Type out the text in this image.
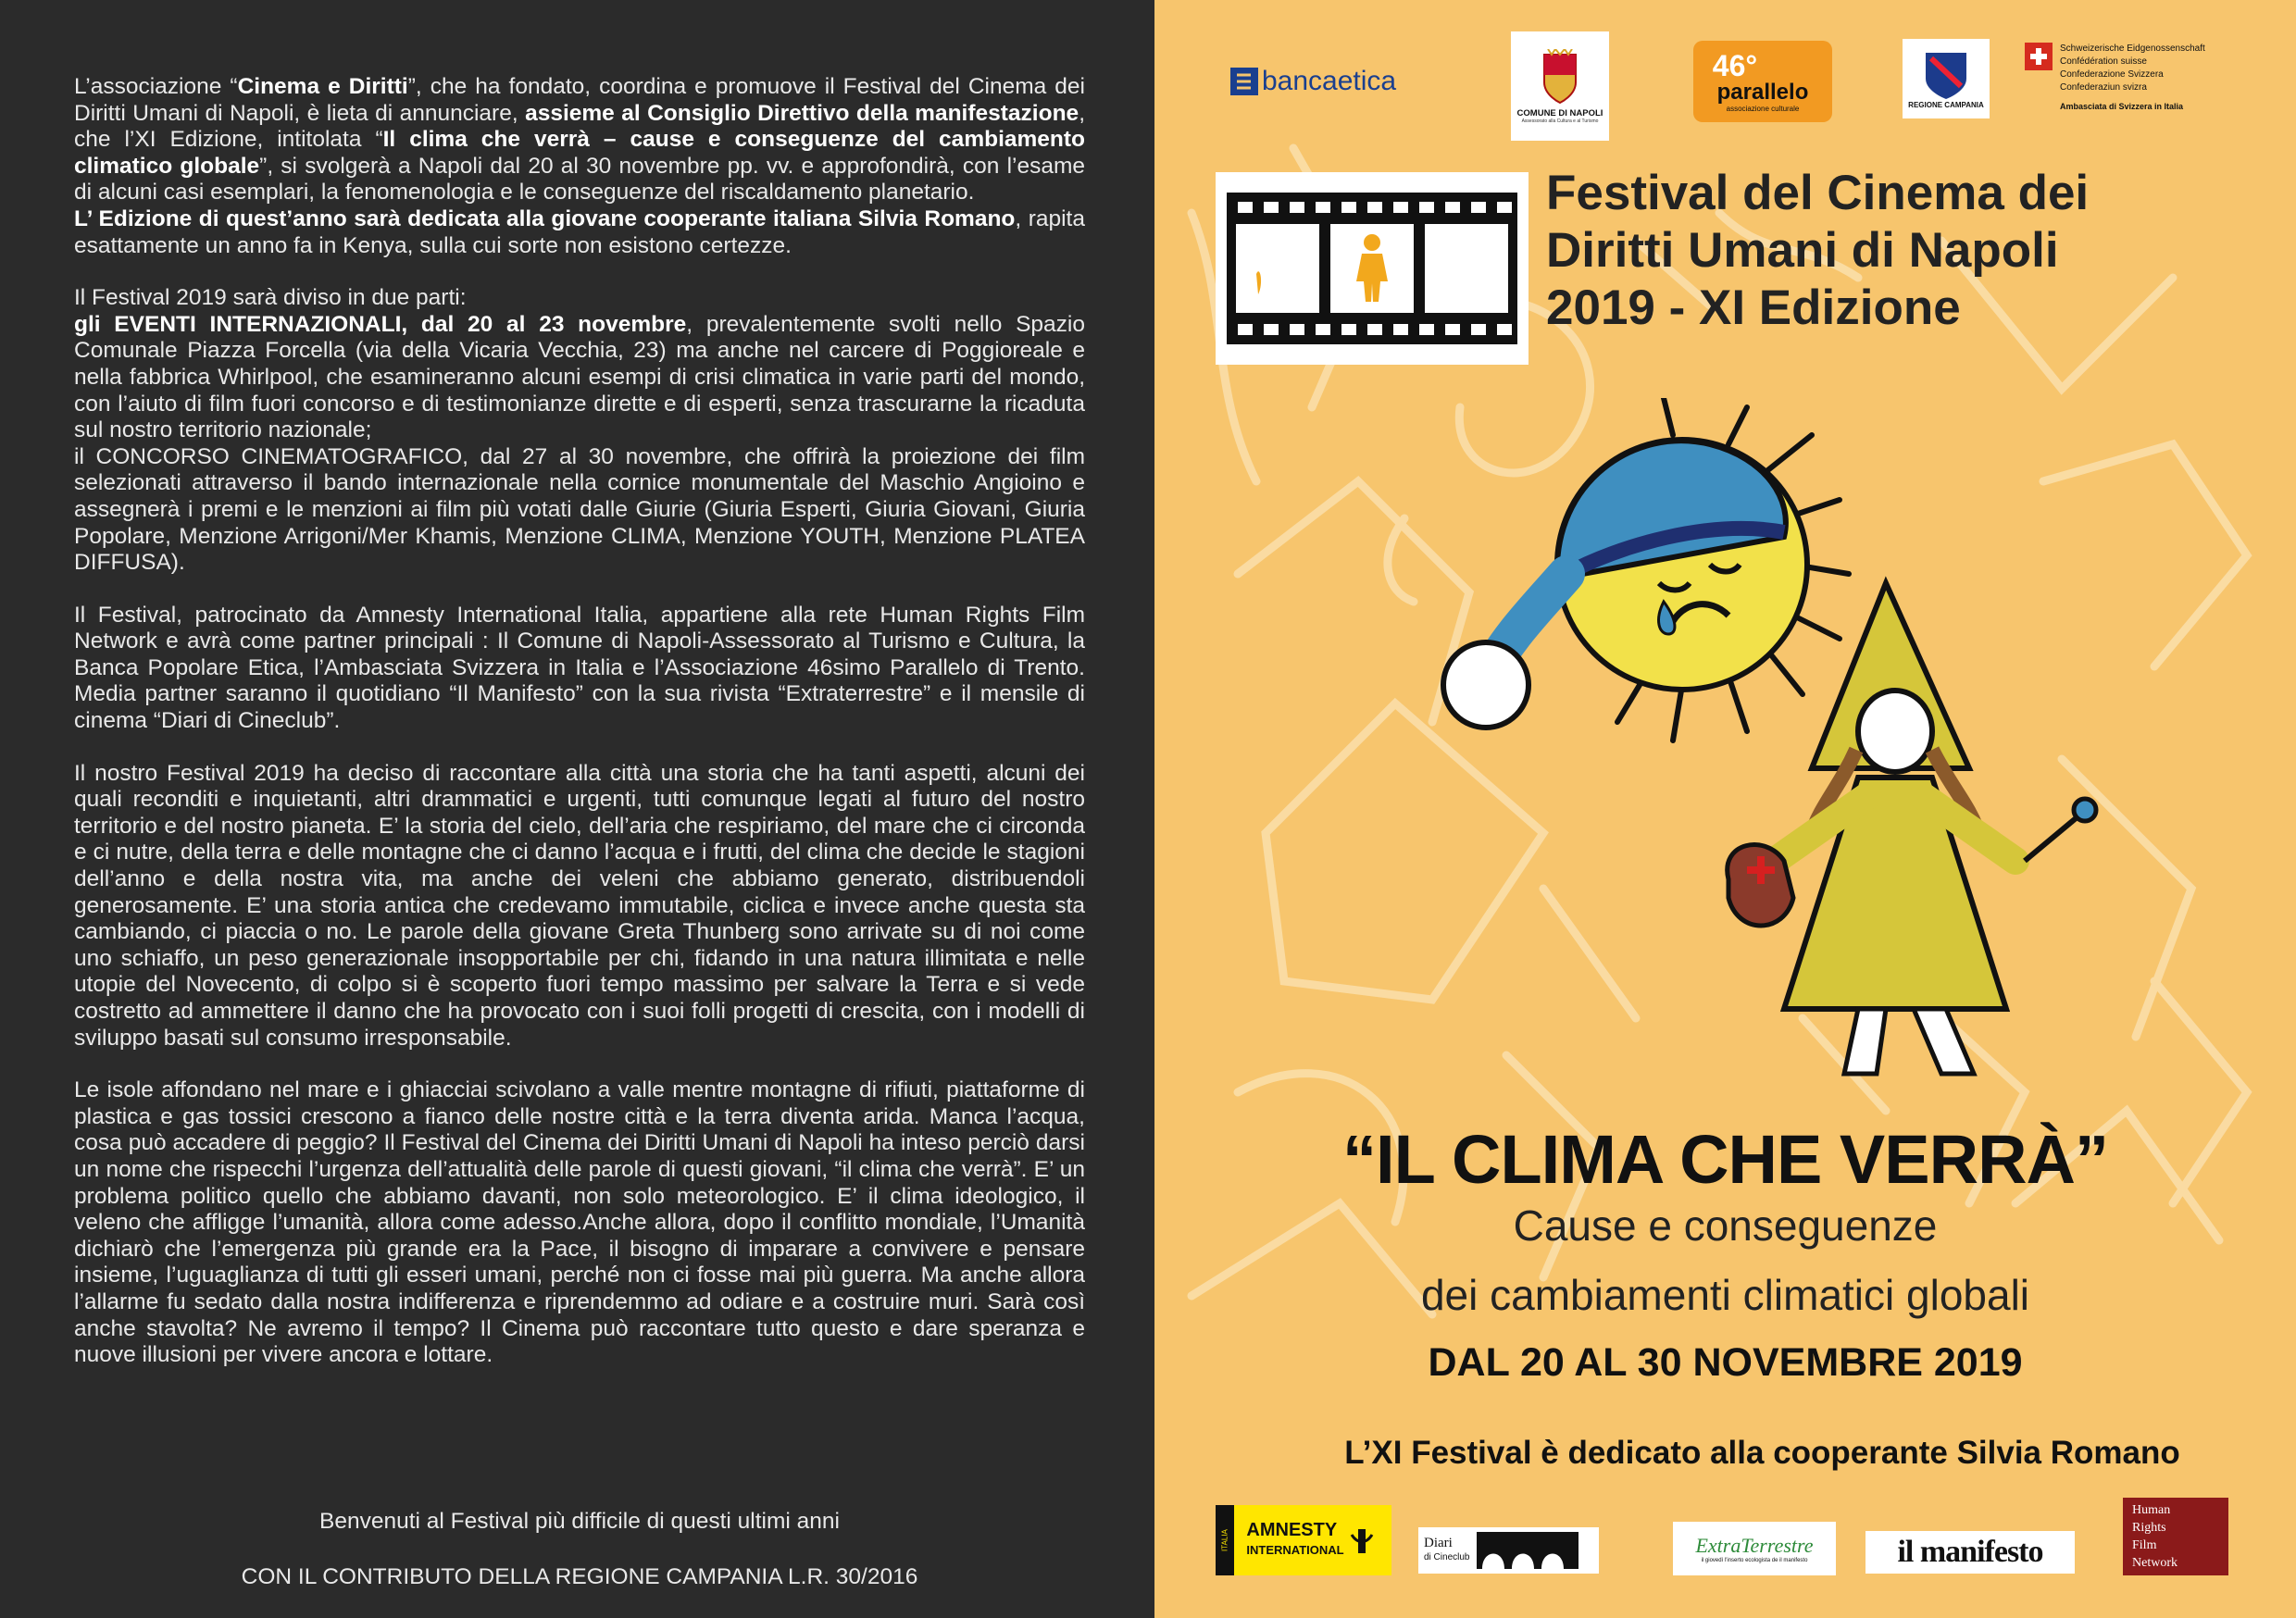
L’associazione “Cinema e Diritti”, che ha fondato, coordina e promuove il Festival del Cinema dei Diritti Umani di Napoli, è lieta di annunciare, assieme al Consiglio Direttivo della manifestazione, che l’XI Edizione, intitolata “Il clima che verrà – cause e conseguenze del cambiamento climatico globale”, si svolgerà a Napoli dal 20 al 30 novembre pp. vv. e approfondirà, con l’esame di alcuni casi esemplari, la fenomenologia e le conseguenze del riscaldamento planetario.
L’ Edizione di quest’anno sarà dedicata alla giovane cooperante italiana Silvia Romano, rapita esattamente un anno fa in Kenya, sulla cui sorte non esistono certezze.

Il Festival 2019 sarà diviso in due parti:
gli EVENTI INTERNAZIONALI, dal 20 al 23 novembre, prevalentemente svolti nello Spazio Comunale Piazza Forcella (via della Vicaria Vecchia, 23) ma anche nel carcere di Poggioreale e nella fabbrica Whirlpool, che esamineranno alcuni esempi di crisi climatica in varie parti del mondo, con l’aiuto di film fuori concorso e di testimonianze dirette e di esperti, senza trascurarne la ricaduta sul nostro territorio nazionale;
il CONCORSO CINEMATOGRAFICO, dal 27 al 30 novembre, che offrirà la proiezione dei film selezionati attraverso il bando internazionale nella cornice monumentale del Maschio Angioino e assegnerà i premi e le menzioni ai film più votati dalle Giurie (Giuria Esperti, Giuria Giovani, Giuria Popolare, Menzione Arrigoni/Mer Khamis, Menzione CLIMA, Menzione YOUTH, Menzione PLATEA DIFFUSA).

Il Festival, patrocinato da Amnesty International Italia, appartiene alla rete Human Rights Film Network e avrà come partner principali : Il Comune di Napoli-Assessorato al Turismo e Cultura, la Banca Popolare Etica, l’Ambasciata Svizzera in Italia e l’Associazione 46simo Parallelo di Trento. Media partner saranno il quotidiano “Il Manifesto” con la sua rivista “Extraterrestre” e il mensile di cinema “Diari di Cineclub”.

Il nostro Festival 2019 ha deciso di raccontare alla città una storia che ha tanti aspetti, alcuni dei quali reconditi e inquietanti, altri drammatici e urgenti, tutti comunque legati al futuro del nostro territorio e del nostro pianeta. E’ la storia del cielo, dell’aria che respiriamo, del mare che ci circonda e ci nutre, della terra e delle montagne che ci danno l’acqua e i frutti, del clima che decide le stagioni dell’anno e della nostra vita, ma anche dei veleni che abbiamo generato, distribuendoli generosamente. E’ una storia antica che credevamo immutabile, ciclica e invece anche questa sta cambiando, ci piaccia o no. Le parole della giovane Greta Thunberg sono arrivate su di noi come uno schiaffo, un peso generazionale insopportabile per chi, fidando in una natura illimitata e nelle utopie del Novecento, di colpo si è scoperto fuori tempo massimo per salvare la Terra e si vede costretto ad ammettere il danno che ha provocato con i suoi folli progetti di crescita, con i modelli di sviluppo basati sul consumo irresponsabile.

Le isole affondano nel mare e i ghiacciai scivolano a valle mentre montagne di rifiuti, piattaforme di plastica e gas tossici crescono a fianco delle nostre città e la terra diventa arida. Manca l’acqua, cosa può accadere di peggio? Il Festival del Cinema dei Diritti Umani di Napoli ha inteso perciò darsi un nome che rispecchi l’urgenza dell’attualità delle parole di questi giovani, “il clima che verrà”. E’ un problema politico quello che abbiamo davanti, non solo meteorologico. E’ il clima ideologico, il veleno che affligge l’umanità, allora come adesso.Anche allora, dopo il conflitto mondiale, l’Umanità dichiarò che l’emergenza più grande era la Pace, il bisogno di imparare a convivere e pensare insieme, l’uguaglianza di tutti gli esseri umani, perché non ci fosse mai più guerra. Ma anche allora l’allarme fu sedato dalla nostra indifferenza e riprendemmo ad odiare e a costruire muri. Sarà così anche stavolta? Ne avremo il tempo? Il Cinema può raccontare tutto questo e dare speranza e nuove illusioni per vivere ancora e lottare.

Benvenuti al Festival più difficile di questi ultimi anni
CON IL CONTRIBUTO DELLA REGIONE CAMPANIA L.R. 30/2016
bancaetica
COMUNE DI NAPOLI
Assessorato alla Cultura e al Turismo
46°
parallelo
associazione culturale	REGIONE CAMPANIA
Schweizerische Eidgenossenschaft
Confédération suisse
Confederazione Svizzera
Confederaziun svizra
Ambasciata di Svizzera in Italia
Festival del Cinema dei
Diritti Umani di Napoli
2019 - XI Edizione
“IL CLIMA CHE VERRÀ”
Cause e conseguenze
dei cambiamenti climatici globali
DAL 20 AL 30 NOVEMBRE 2019
L’XI Festival è dedicato alla cooperante Silvia Romano
ITALIA AMNESTY
INTERNATIONAL	Diari
di Cineclub
ExtraTerrestre
il giovedì l'inserto ecologista de il manifesto	il manifesto
Human
Rights
Film
Network
